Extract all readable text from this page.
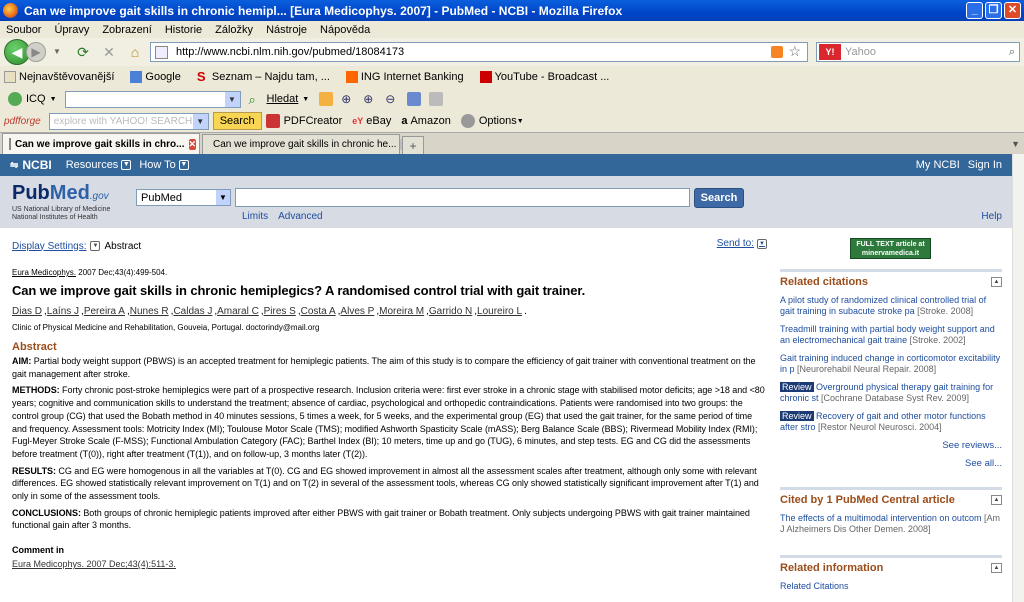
Can we improve gait skills in chronic hemipl... [Eura Medicophys. 2007] - PubMed - NCBI - Mozilla Firefox	_	❐ ✕
Soubor Úpravy Zobrazení Historie Záložky Nástroje Nápověda
◀ ▶	▼	⟳ ✕	⌂	http://www.ncbi.nlm.nih.gov/pubmed/18084173	☆	Y! Yahoo	⌕
Nejnavštěvovanější	Google S Seznam – Najdu tam, ...	ING Internet Banking	YouTube - Broadcast ...
ICQ ▼	▼ ⌕ Hledat ▼	⊕ ⊕ ⊖
pdfforge explore with YAHOO! SEARCH ▼	Search	PDFCreator eY eBay a Amazon	Options ▼
Can we improve gait skills in chro... ✕ Can we improve gait skills in chronic he...	+	▼
⇋ NCBI Resources ▼ How To ▼	My NCBI Sign In
PubMed.gov
US National Library of Medicine
National Institutes of Health
PubMed	▼	Search
Limits Advanced	Help
Display Settings:	▼ Abstract	Send to: ▼
Eura Medicophys. 2007 Dec;43(4):499-504.
Can we improve gait skills in chronic hemiplegics? A randomised control trial with gait trainer.
Dias D , Laíns J , Pereira A , Nunes R , Caldas J , Amaral C , Pires S , Costa A , Alves P , Moreira M , Garrido N , Loureiro L .
Clinic of Physical Medicine and Rehabilitation, Gouveia, Portugal. doctorindy@mail.org
Abstract

AIM: Partial body weight support (PBWS) is an accepted treatment for hemiplegic patients. The aim of this study is to compare the efficiency of gait trainer with conventional treatment on the gait management after stroke.

METHODS: Forty chronic post-stroke hemiplegics were part of a prospective research. Inclusion criteria were: first ever stroke in a chronic stage with stabilised motor deficits; age >18 and <80 years; cognitive and communication skills to understand the treatment; absence of cardiac, psychological and orthopedic contraindications. Patients were randomised into two groups: the control group (CG) that used the Bobath method in 40 minutes sessions, 5 times a week, for 5 weeks, and the experimental group (EG) that used the gait trainer, for the same period of time and frequency. Assessment tools: Motricity Index (MI); Toulouse Motor Scale (TMS); modified Ashworth Spasticity Scale (mASS); Berg Balance Scale (BBS); Rivermead Mobility Index (RMI); Fugl-Meyer Stroke Scale (F-MSS); Functional Ambulation Category (FAC); Barthel Index (BI); 10 meters, time up and go (TUG), 6 minutes, and step tests. EG and CG did the assessments before treatment (T(0)), right after treatment (T(1)), and on follow-up, 3 months later (T(2)).

RESULTS: CG and EG were homogenous in all the variables at T(0). CG and EG showed improvement in almost all the assessment scales after treatment, although only some with relevant differences. EG showed statistically relevant improvement on T(1) and on T(2) in several of the assessment tools, whereas CG only showed statistically significant improvement after T(1) and only in some of the assessment tools.

CONCLUSIONS: Both groups of chronic hemiplegic patients improved after either PBWS with gait trainer or Bobath treatment. Only subjects undergoing PBWS with gait trainer maintained functional gain after 3 months.

Comment in
Eura Medicophys. 2007 Dec;43(4):511-3.
FULL TEXT article at minervamedica.it
Related citations	▲
A pilot study of randomized clinical controlled trial of gait training in subacute stroke pa [Stroke. 2008]
Treadmill training with partial body weight support and an electromechanical gait traine [Stroke. 2002]
Gait training induced change in corticomotor excitability in p [Neurorehabil Neural Repair. 2008]
Review Overground physical therapy gait training for chronic st [Cochrane Database Syst Rev. 2009]
Review Recovery of gait and other motor functions after stro [Restor Neurol Neurosci. 2004]
See reviews...
See all...
Cited by 1 PubMed Central article	▲
The effects of a multimodal intervention on outcom [Am J Alzheimers Dis Other Demen. 2008]
Related information	▲
Related Citations
